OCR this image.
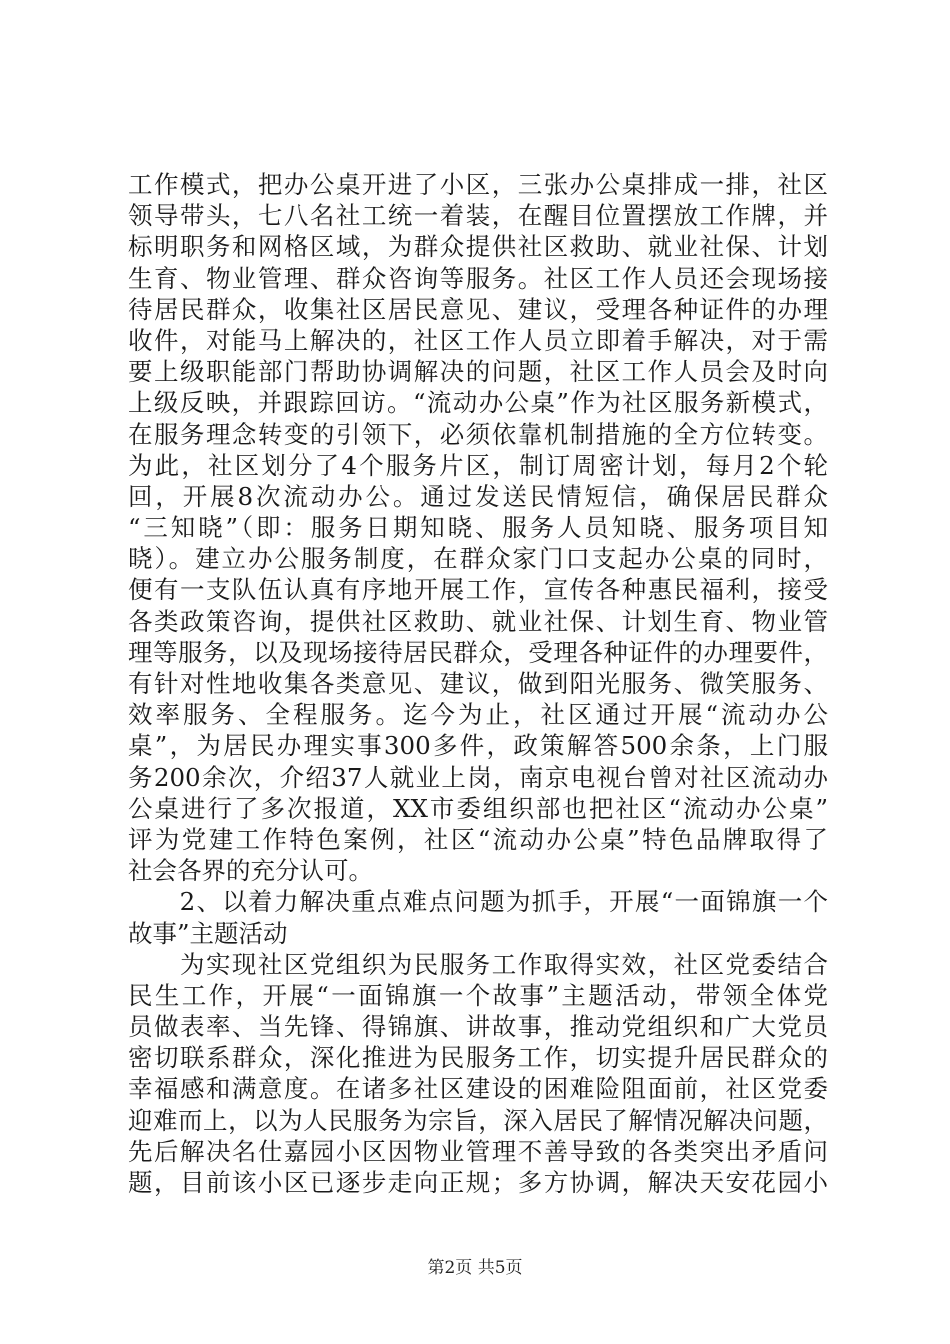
工作模式，把办公桌开进了小区，三张办公桌排成一排，社区
领导带头，七八名社工统一着装，在醒目位置摆放工作牌，并
标明职务和网格区域，为群众提供社区救助、就业社保、计划
生育、物业管理、群众咨询等服务。社区工作人员还会现场接
待居民群众，收集社区居民意见、建议，受理各种证件的办理
收件，对能马上解决的，社区工作人员立即着手解决，对于需
要上级职能部门帮助协调解决的问题，社区工作人员会及时向
上级反映，并跟踪回访。“流动办公桌”作为社区服务新模式，
在服务理念转变的引领下，必须依靠机制措施的全方位转变。
为此，社区划分了4个服务片区，制订周密计划，每月2个轮
回，开展8次流动办公。通过发送民情短信，确保居民群众
“三知晓”（即：服务日期知晓、服务人员知晓、服务项目知
晓）。建立办公服务制度，在群众家门口支起办公桌的同时，
便有一支队伍认真有序地开展工作，宣传各种惠民福利，接受
各类政策咨询，提供社区救助、就业社保、计划生育、物业管
理等服务，以及现场接待居民群众，受理各种证件的办理要件，
有针对性地收集各类意见、建议，做到阳光服务、微笑服务、
效率服务、全程服务。迄今为止，社区通过开展“流动办公
桌”，为居民办理实事300多件，政策解答500余条，上门服
务200余次，介绍37人就业上岗，南京电视台曾对社区流动办
公桌进行了多次报道，XX市委组织部也把社区“流动办公桌”
评为党建工作特色案例，社区“流动办公桌”特色品牌取得了
社会各界的充分认可。
　　2、以着力解决重点难点问题为抓手，开展“一面锦旗一个
故事”主题活动
　　为实现社区党组织为民服务工作取得实效，社区党委结合
民生工作，开展“一面锦旗一个故事”主题活动，带领全体党
员做表率、当先锋、得锦旗、讲故事，推动党组织和广大党员
密切联系群众，深化推进为民服务工作，切实提升居民群众的
幸福感和满意度。在诸多社区建设的困难险阻面前，社区党委
迎难而上，以为人民服务为宗旨，深入居民了解情况解决问题，
先后解决名仕嘉园小区因物业管理不善导致的各类突出矛盾问
题，目前该小区已逐步走向正规；多方协调，解决天安花园小
第2页 共5页
